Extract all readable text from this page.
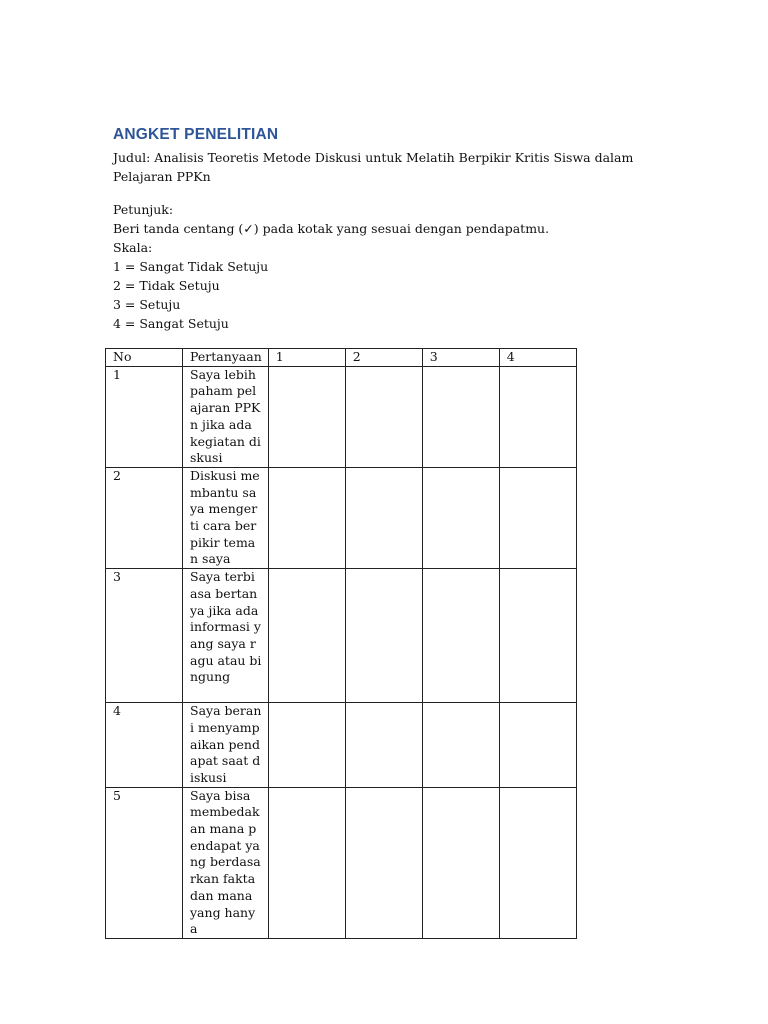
ANGKET PENELITIAN

Judul: Analisis Teoretis Metode Diskusi untuk Melatih Berpikir Kritis Siswa dalam Pelajaran PPKn

Petunjuk:
Beri tanda centang (✓) pada kotak yang sesuai dengan pendapatmu.
Skala:
1 = Sangat Tidak Setuju
2 = Tidak Setuju
3 = Setuju
4 = Sangat Setuju
No	Pertanyaan	1	2	3	4
1	Saya lebih paham pelajaran PPKn jika ada kegiatan diskusi				
2	Diskusi membantu saya mengerti cara berpikir teman saya				
3	Saya terbiasa bertanya jika ada informasi yang saya ragu atau bingung				
4	Saya berani menyampaikan pendapat saat diskusi				
5	Saya bisa membedakan mana pendapat yang berdasarkan fakta dan mana yang hanya				
